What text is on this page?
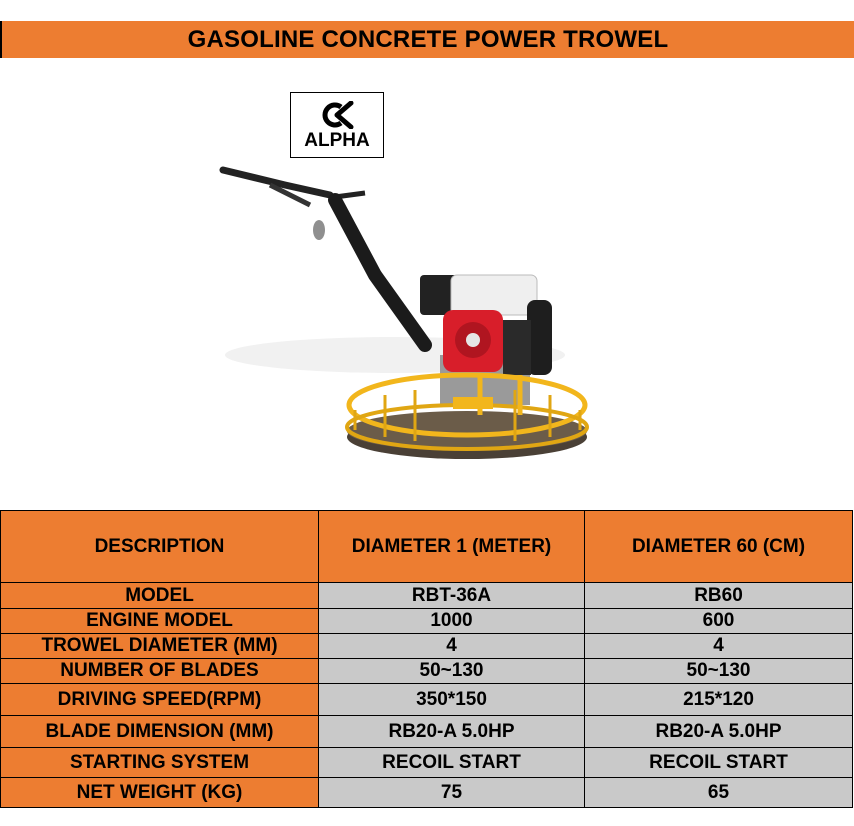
GASOLINE CONCRETE POWER TROWEL
ALPHA
DESCRIPTION	DIAMETER 1 (METER)	DIAMETER 60 (CM)
MODEL	RBT-36A	RB60
ENGINE MODEL	1000	600
TROWEL DIAMETER (MM)	4	4
NUMBER OF BLADES	50~130	50~130
DRIVING SPEED(RPM)	350*150	215*120
BLADE DIMENSION (MM)	RB20-A 5.0HP	RB20-A 5.0HP
STARTING SYSTEM	RECOIL START	RECOIL START
NET WEIGHT (KG)	75	65
